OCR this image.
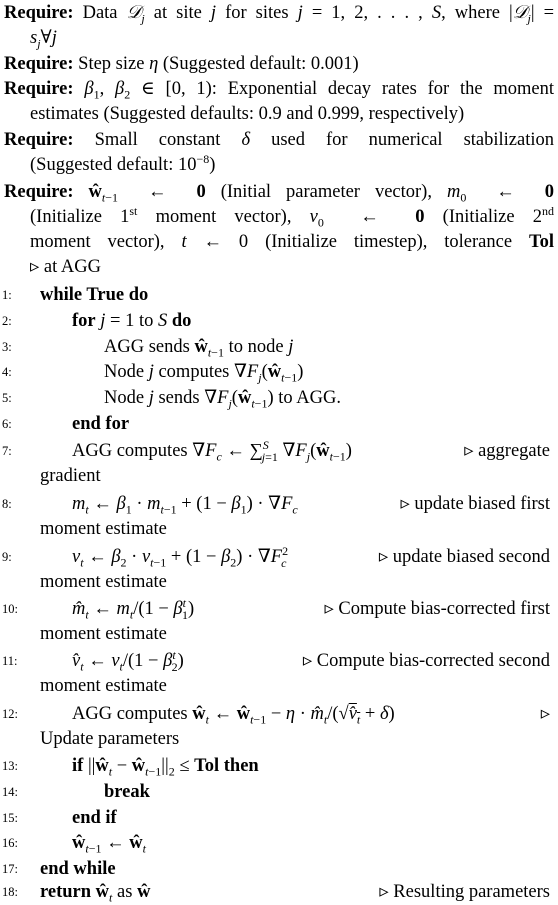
Require: Data 𝒟$_j$ at site j for sites j = 1, 2, . . . , S, where |𝒟$_j$| =
$s_j\forall j$
Require: Step size η (Suggested default: 0.001)
Require: $\beta_1$, $\beta_2$ ∈ [0, 1): Exponential decay rates for the moment
estimates (Suggested defaults: 0.9 and 0.999, respectively)
Require: Small constant δ used for numerical stabilization
(Suggested default: $10^{-8}$)
Require: $ŵ_{t-1}$  ←  0 (Initial parameter vector), $m_0$  ←  0
(Initialize 1st moment vector), $v_0$  ←  0 (Initialize 2nd
moment vector), t ← 0 (Initialize timestep), tolerance Tol
▹ at AGG
1:	while True do
2:	for j = 1 to S do
3:	AGG sends $ŵ_{t-1}$ to node j
4:	Node j computes $\nabla F_j(ŵ_{t-1})$
5:	Node j sends $\nabla F_j(ŵ_{t-1})$ to AGG.
6:	end for
7:	AGG computes $\nabla F_c$ ← ∑$^S_{j=1}$ $\nabla F_j(ŵ_{t-1})$	▹ aggregate
gradient
8:	$m_t$ ← $\beta_1 \cdot m_{t-1} + (1 - \beta_1) \cdot \nabla F_c$	▹ update biased first
moment estimate
9:	$v_t$ ← $\beta_2 \cdot v_{t-1} + (1 - \beta_2) \cdot \nabla F^2_c$	▹ update biased second
moment estimate
10:	$m̂_t$ ← $m_t/(1 - \beta^t_1)$	▹ Compute bias-corrected first
moment estimate
11:	$v̂_t$ ← $v_t/(1 - \beta^t_2)$	▹ Compute bias-corrected second
moment estimate
12:	AGG computes $ŵ_t$ ← $ŵ_{t-1} - \eta$ · $m̂_t/(√v̂_t + \delta)$	▹
Update parameters
13:	if $||ŵ_t$ − $ŵ_{t-1}||_2$ ≤ Tol then
14:	break
15:	end if
16:	$ŵ_{t-1}$ ← $ŵ_t$
17:	end while
18:	return $ŵ_t$ as ŵ	▹ Resulting parameters
